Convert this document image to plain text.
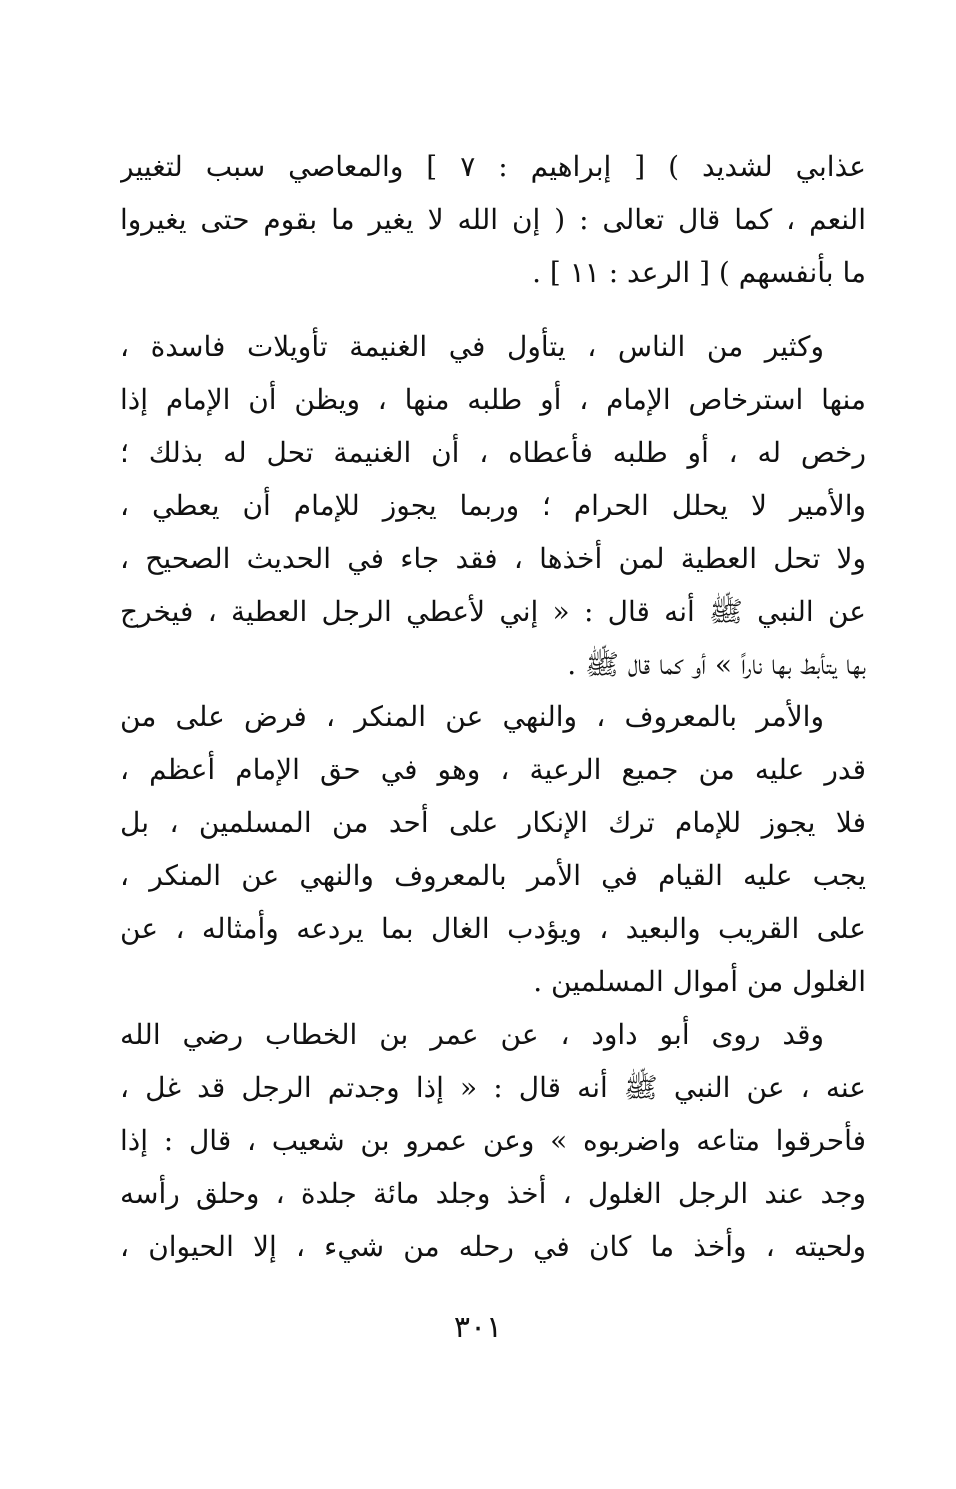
عذابي لشديد ) [ إبراهيم : ٧ ] والمعاصي سبب لتغيير
النعم ، كما قال تعالى : ( إن الله لا يغير ما بقوم حتى يغيروا
ما بأنفسهم ) [ الرعد : ١١ ] .
وكثير من الناس ، يتأول في الغنيمة تأويلات فاسدة ،
منها استرخاص الإمام ، أو طلبه منها ، ويظن أن الإمام إذا
رخص له ، أو طلبه فأعطاه ، أن الغنيمة تحل له بذلك ؛
والأمير لا يحلل الحرام ؛ وربما يجوز للإمام أن يعطي ،
ولا تحل العطية لمن أخذها ، فقد جاء في الحديث الصحيح ،
عن النبي ﷺ أنه قال : « إني لأعطي الرجل العطية ، فيخرج
بها يتأبط بها ناراً » أو كما قال ﷺ .
والأمر بالمعروف ، والنهي عن المنكر ، فرض على من
قدر عليه من جميع الرعية ، وهو في حق الإمام أعظم ،
فلا يجوز للإمام ترك الإنكار على أحد من المسلمين ، بل
يجب عليه القيام في الأمر بالمعروف والنهي عن المنكر ،
على القريب والبعيد ، ويؤدب الغال بما يردعه وأمثاله ، عن
الغلول من أموال المسلمين .
وقد روى أبو داود ، عن عمر بن الخطاب رضي الله
عنه ، عن النبي ﷺ أنه قال : « إذا وجدتم الرجل قد غل ،
فأحرقوا متاعه واضربوه » وعن عمرو بن شعيب ، قال : إذا
وجد عند الرجل الغلول ، أخذ وجلد مائة جلدة ، وحلق رأسه
ولحيته ، وأخذ ما كان في رحله من شيء ، إلا الحيوان ،
٣٠١
